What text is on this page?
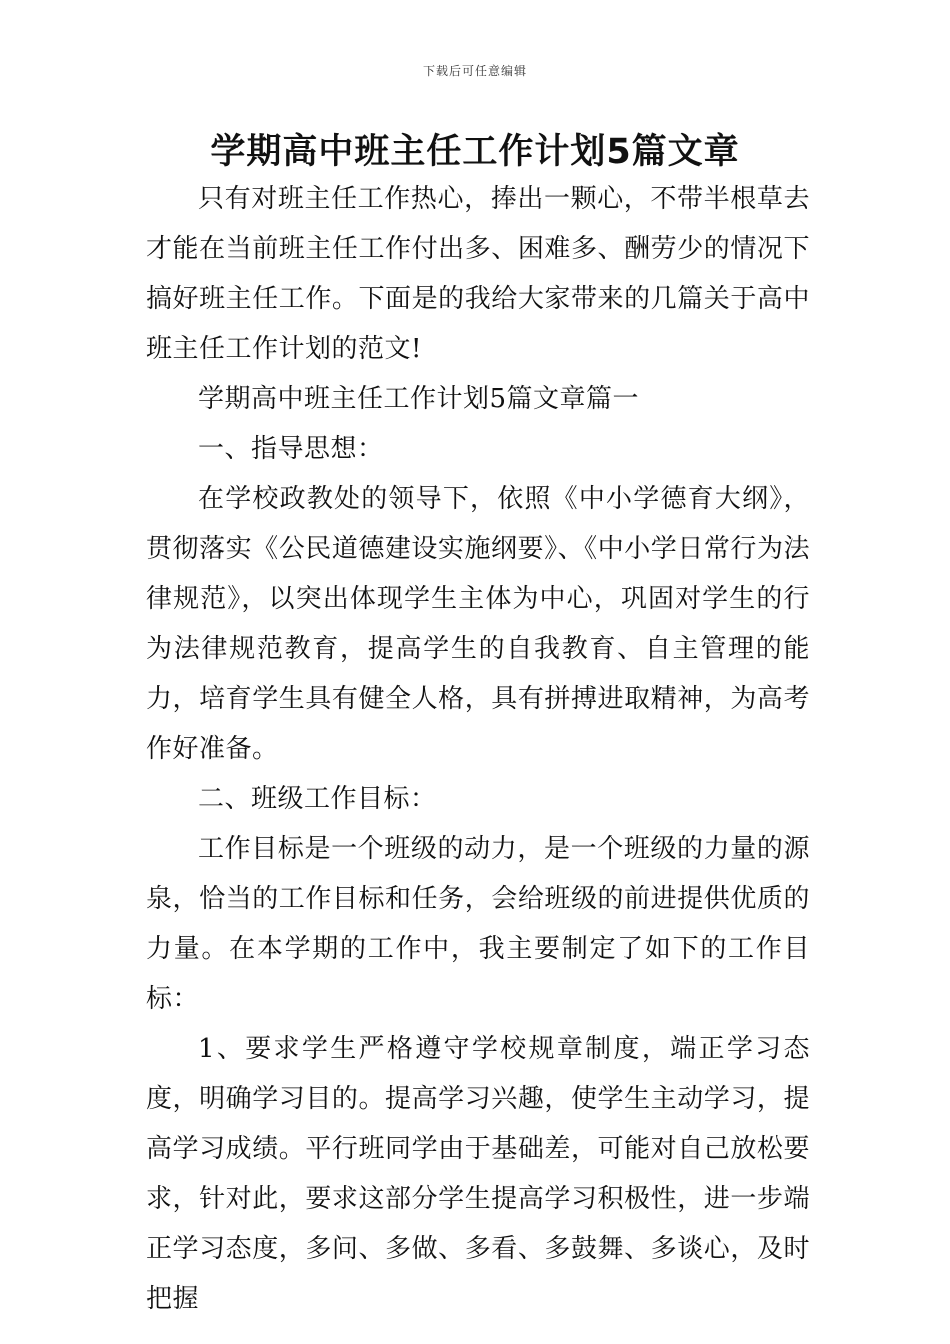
下载后可任意编辑
学期高中班主任工作计划5篇文章

只有对班主任工作热心，捧出一颗心，不带半根草去才能在当前班主任工作付出多、困难多、酬劳少的情况下搞好班主任工作。下面是的我给大家带来的几篇关于高中班主任工作计划的范文!

学期高中班主任工作计划5篇文章篇一

一、指导思想：

在学校政教处的领导下，依照《中小学德育大纲》，贯彻落实《公民道德建设实施纲要》、《中小学日常行为法律规范》，以突出体现学生主体为中心，巩固对学生的行为法律规范教育，提高学生的自我教育、自主管理的能力，培育学生具有健全人格，具有拼搏进取精神，为高考作好准备。

二、班级工作目标：

工作目标是一个班级的动力，是一个班级的力量的源泉，恰当的工作目标和任务，会给班级的前进提供优质的力量。在本学期的工作中，我主要制定了如下的工作目标：

1、要求学生严格遵守学校规章制度，端正学习态度，明确学习目的。提高学习兴趣，使学生主动学习，提高学习成绩。平行班同学由于基础差，可能对自己放松要求，针对此，要求这部分学生提高学习积极性，进一步端正学习态度，多问、多做、多看、多鼓舞、多谈心，及时把握
